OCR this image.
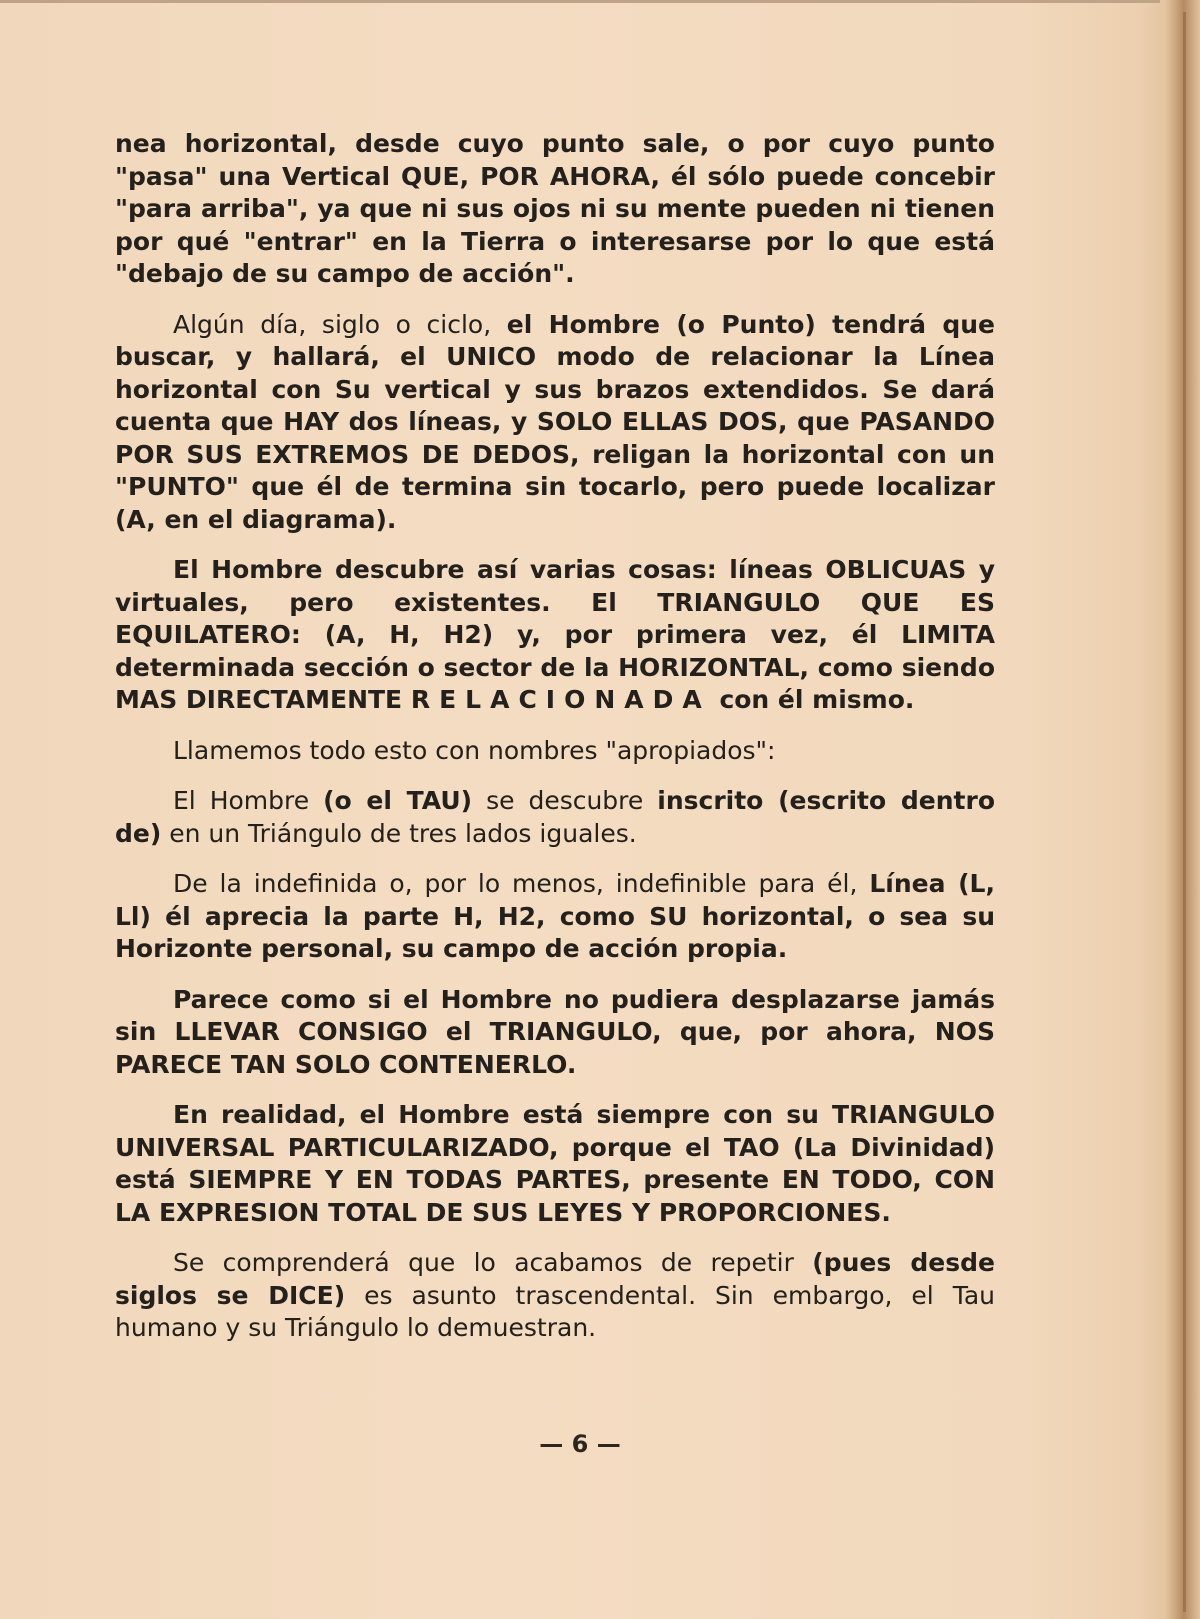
nea horizontal, desde cuyo punto sale, o por cuyo punto "pasa" una Vertical QUE, POR AHORA, él sólo puede concebir "para arriba", ya que ni sus ojos ni su mente pueden ni tienen por qué "entrar" en la Tierra o interesarse por lo que está "debajo de su campo de acción".

Algún día, siglo o ciclo, el Hombre (o Punto) tendrá que buscar, y hallará, el UNICO modo de relacionar la Línea horizontal con Su vertical y sus brazos extendidos. Se dará cuenta que HAY dos líneas, y SOLO ELLAS DOS, que PASANDO POR SUS EXTREMOS DE DEDOS, religan la horizontal con un "PUNTO" que él de termina sin tocarlo, pero puede localizar (A, en el diagrama).

El Hombre descubre así varias cosas: líneas OBLICUAS y virtuales, pero existentes. El TRIANGULO QUE ES EQUILATERO: (A, H, H2) y, por primera vez, él LIMITA determinada sección o sector de la HORIZONTAL, como siendo MAS DIRECTAMENTE RELACIONADA con él mismo.

Llamemos todo esto con nombres "apropiados":

El Hombre (o el TAU) se descubre inscrito (escrito dentro de) en un Triángulo de tres lados iguales.

De la indefinida o, por lo menos, indefinible para él, Línea (L, Ll) él aprecia la parte H, H2, como SU horizontal, o sea su Horizonte personal, su campo de acción propia.

Parece como si el Hombre no pudiera desplazarse jamás sin LLEVAR CONSIGO el TRIANGULO, que, por ahora, NOS PARECE TAN SOLO CONTENERLO.

En realidad, el Hombre está siempre con su TRIANGULO UNIVERSAL PARTICULARIZADO, porque el TAO (La Divinidad) está SIEMPRE Y EN TODAS PARTES, presente EN TODO, CON LA EXPRESION TOTAL DE SUS LEYES Y PROPORCIONES.

Se comprenderá que lo acabamos de repetir (pues desde siglos se DICE) es asunto trascendental. Sin embargo, el Tau humano y su Triángulo lo demuestran.

— 6 —
